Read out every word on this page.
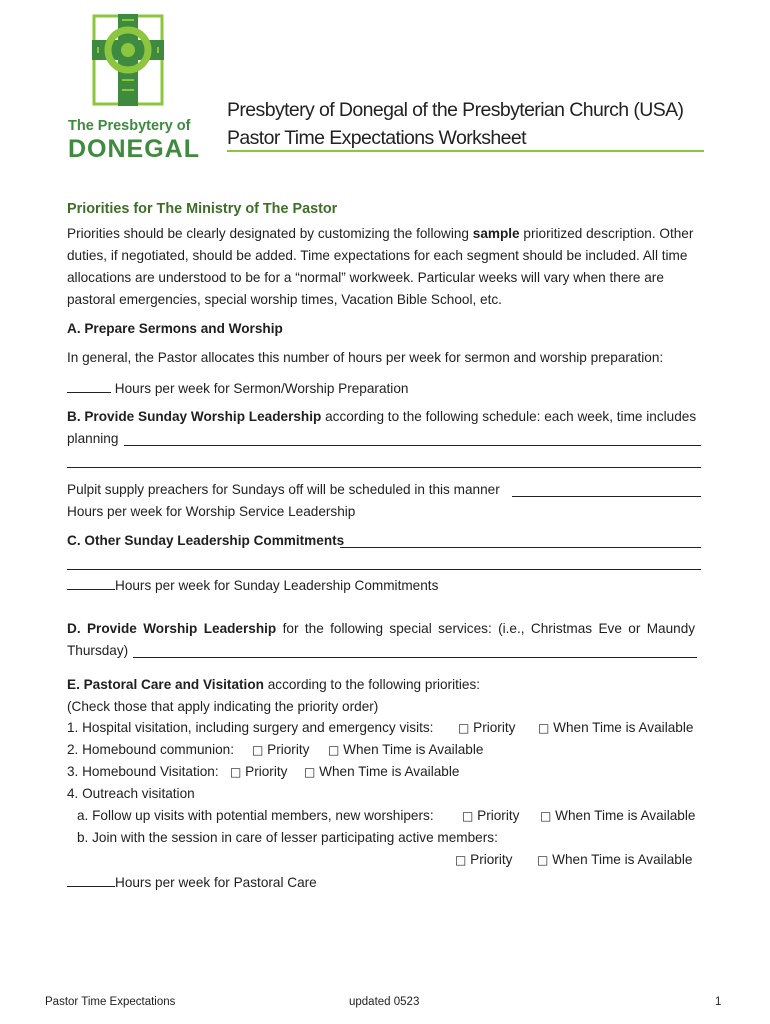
The Presbytery of
DONEGAL
Presbytery of Donegal of the Presbyterian Church (USA)
Pastor Time Expectations Worksheet
Priorities for The Ministry of The Pastor
Priorities should be clearly designated by customizing the following sample prioritized description. Other
duties, if negotiated, should be added. Time expectations for each segment should be included. All time
allocations are understood to be for a “normal” workweek. Particular weeks will vary when there are
pastoral emergencies, special worship times, Vacation Bible School, etc.
A. Prepare Sermons and Worship
In general, the Pastor allocates this number of hours per week for sermon and worship preparation:
Hours per week for Sermon/Worship Preparation
B. Provide Sunday Worship Leadership according to the following schedule: each week, time includes
planning
Pulpit supply preachers for Sundays off will be scheduled in this manner
Hours per week for Worship Service Leadership
C. Other Sunday Leadership Commitments
Hours per week for Sunday Leadership Commitments
D. Provide Worship Leadership for the following special services: (i.e., Christmas Eve or Maundy
Thursday)
E. Pastoral Care and Visitation according to the following priorities:
(Check those that apply indicating the priority order)
1. Hospital visitation, including surgery and emergency visits: □ Priority □ When Time is Available
2. Homebound communion: □ Priority □ When Time is Available
3. Homebound Visitation: □ Priority □ When Time is Available
4. Outreach visitation
a. Follow up visits with potential members, new worshipers: □ Priority □ When Time is Available
b. Join with the session in care of lesser participating active members:
□ Priority □ When Time is Available
Hours per week for Pastoral Care
Pastor Time Expectations	updated 0523	1
